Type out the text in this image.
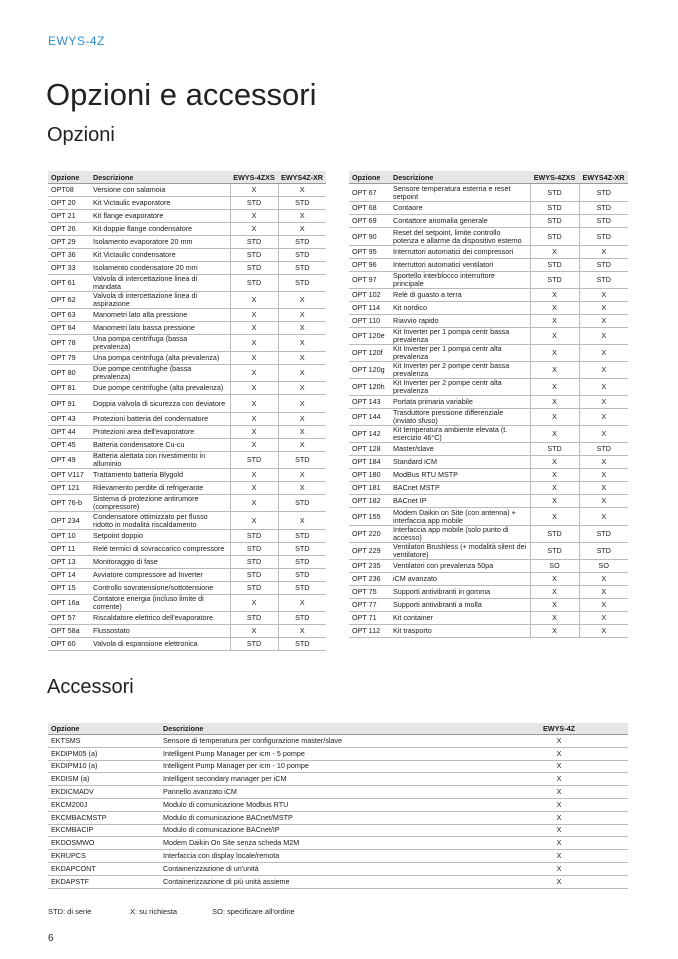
EWYS-4Z
Opzioni e accessori
Opzioni
Opzione	Descrizione	EWYS-4ZXS	EWYS4Z-XR
OPT08	Versione con salamoia	X	X
OPT 20	Kit Victaulic evaporatore	STD	STD
OPT 21	Kit flange evaporatore	X	X
OPT 26	Kit doppie flange condensatore	X	X
OPT 29	Isolamento evaporatore 20 mm	STD	STD
OPT 36	Kit Victaulic condensatore	STD	STD
OPT 33	Isolamento condensatore 20 mm	STD	STD
OPT 61	Valvola di intercettazione linea di mandata	STD	STD
OPT 62	Valvola di intercettazione linea di aspirazione	X	X
OPT 63	Manometri lato alta pressione	X	X
OPT 64	Manometri lato bassa pressione	X	X
OPT 78	Una pompa centrifuga (bassa prevalenza)	X	X
OPT 79	Una pompa centrifuga (alta prevalenza)	X	X
OPT 80	Due pompe centrifughe (bassa prevalenza)	X	X
OPT 81	Due pompe centrifughe (alta prevalenza)	X	X
OPT 91	Doppia valvola di sicurezza con deviatore	X	X
OPT 43	Protezioni batteria del condensatore	X	X
OPT 44	Protezioni area dell'evaporatore	X	X
OPT 45	Batteria condensatore Cu-cu	X	X
OPT 49	Batteria alettata con rivestimento in alluminio	STD	STD
OPT V117	Trattamento batteria Blygold	X	X
OPT 121	Rilevamento perdite di refrigerante	X	X
OPT 76-b	Sistema di protezione antirumore (compressore)	X	STD
OPT 234	Condensatore ottimizzato per flusso ridotto in modalità riscaldamento	X	X
OPT 10	Setpoint doppio	STD	STD
OPT 11	Relè termici di sovraccarico compressore	STD	STD
OPT 13	Monitoraggio di fase	STD	STD
OPT 14	Avviatore compressore ad Inverter	STD	STD
OPT 15	Controllo sovratensione/sottotensione	STD	STD
OPT 16a	Contatore energia (incluso limite di corrente)	X	X
OPT 57	Riscaldatore elettrico dell'evaporatore	STD	STD
OPT 58a	Flussostato	X	X
OPT 60	Valvola di espansione elettronica	STD	STD
Opzione	Descrizione	EWYS-4ZXS	EWYS4Z-XR
OPT 67	Sensore temperatura esterna e reset setpoint	STD	STD
OPT 68	Contaore	STD	STD
OPT 69	Contattore anomalia generale	STD	STD
OPT 90	Reset del setpoint, limite controllo potenza e allarme da dispositivo esterno	STD	STD
OPT 95	Interruttori automatici dei compressori	X	X
OPT 96	Interruttori automatici ventilatori	STD	STD
OPT 97	Sportello interblocco interruttore principale	STD	STD
OPT 102	Relè di guasto a terra	X	X
OPT 114	Kit nordico	X	X
OPT 110	Riavvio rapido	X	X
OPT 120e	Kit Inverter per 1 pompa centr bassa prevalenza	X	X
OPT 120f	Kit Inverter per 1 pompa centr alta prevalenza	X	X
OPT 120g	Kit Inverter per 2 pompe centr bassa prevalenza	X	X
OPT 120h	Kit Inverter per 2 pompe centr alta prevalenza	X	X
OPT 143	Portata primaria variabile	X	X
OPT 144	Trasduttore pressione differenziale (inviato sfuso)	X	X
OPT 142	Kit temperatura ambiente elevata (t. esercizio 46°C)	X	X
OPT 128	Master/slave	STD	STD
OPT 184	Standard iCM	X	X
OPT 180	ModBus RTU MSTP	X	X
OPT 181	BACnet MSTP	X	X
OPT 182	BACnet IP	X	X
OPT 155	Modem Daikin on Site (con antenna) + interfaccia app mobile	X	X
OPT 220	Interfaccia app mobile (solo punto di accesso)	STD	STD
OPT 229	Ventilatori Brushless (+ modalità silent dei ventilatore)	STD	STD
OPT 235	Ventilatori con prevalenza 50pa	SO	SO
OPT 236	iCM avanzato	X	X
OPT 75	Supporti antivibranti in gomma	X	X
OPT 77	Supporti antivibranti a molla	X	X
OPT 71	Kit container	X	X
OPT 112	Kit trasporto	X	X
Accessori
Opzione	Descrizione	EWYS-4Z
EKTSMS	Sensore di temperatura per configurazione master/slave	X
EKDIPM05 (a)	Intelligent Pump Manager per icm - 5 pompe	X
EKDIPM10 (a)	Intelligent Pump Manager per icm - 10 pompe	X
EKDISM (a)	Intelligent secondary manager per iCM	X
EKDICMADV	Pannello avanzato iCM	X
EKCM200J	Modulo di comunicazione Modbus RTU	X
EKCMBACMSTP	Modulo di comunicazione BACnet/MSTP	X
EKCMBACIP	Modulo di comunicazione BACnet/IP	X
EKDOSMWO	Modem Daikin On Site senza scheda M2M	X
EKRUPCS	Interfaccia con display locale/remota	X
EKDAPCONT	Containerizzazione di un'unità	X
EKDAPSTF	Containerizzazione di più unità assieme	X
STD: di serie	X: su richiesta	SO: specificare all'ordine
6
